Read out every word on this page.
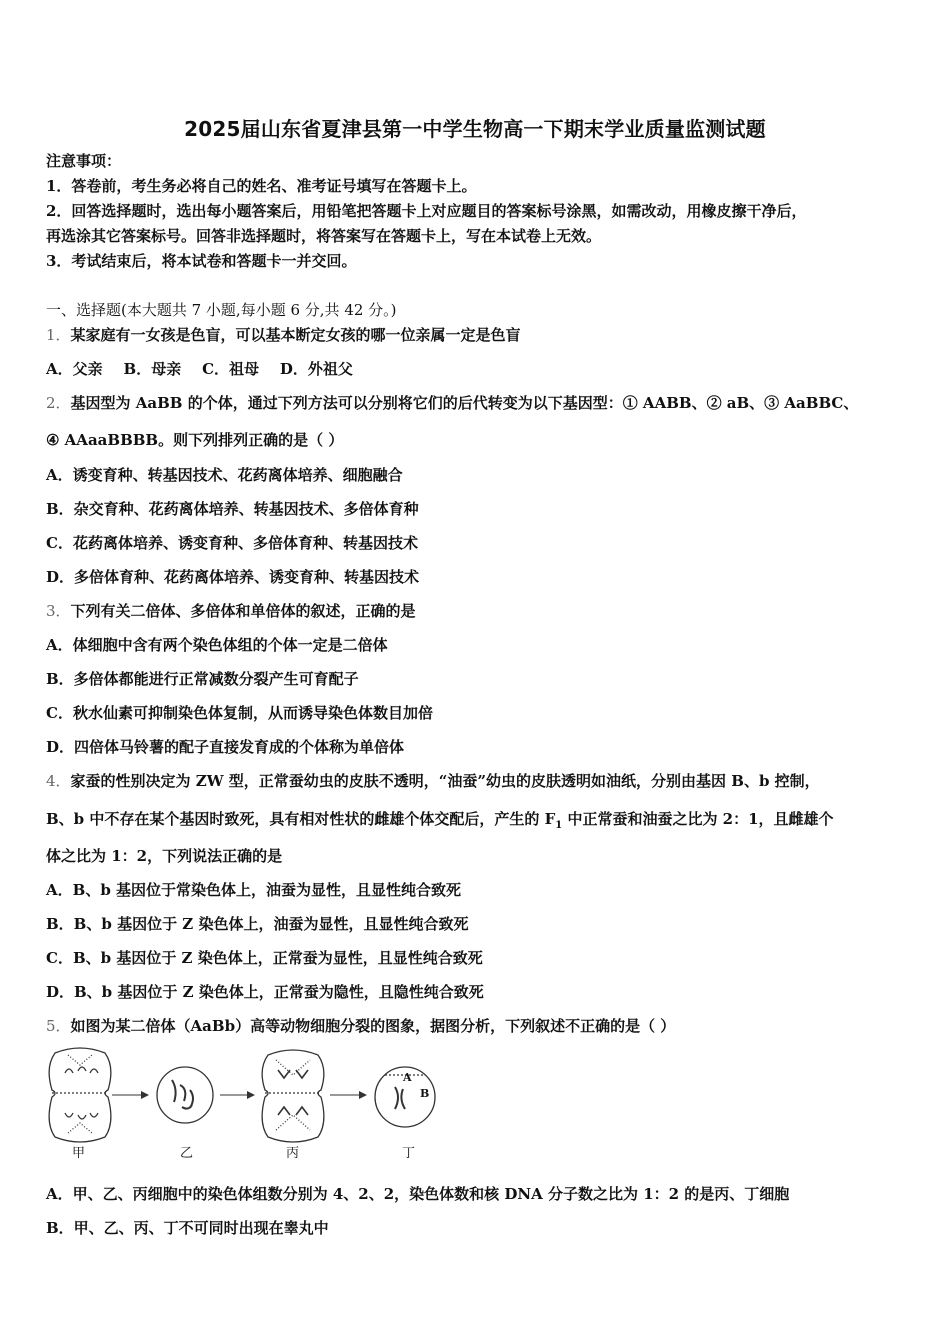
2025届山东省夏津县第一中学生物高一下期末学业质量监测试题
注意事项：
1．答卷前，考生务必将自己的姓名、准考证号填写在答题卡上。
2．回答选择题时，选出每小题答案后，用铅笔把答题卡上对应题目的答案标号涂黑，如需改动，用橡皮擦干净后，
再选涂其它答案标号。回答非选择题时，将答案写在答题卡上，写在本试卷上无效。
3．考试结束后，将本试卷和答题卡一并交回。
一、选择题(本大题共 7 小题,每小题 6 分,共 42 分。)
1．某家庭有一女孩是色盲，可以基本断定女孩的哪一位亲属一定是色盲
A．父亲    B．母亲    C．祖母    D．外祖父
2．基因型为 AaBB 的个体，通过下列方法可以分别将它们的后代转变为以下基因型：① AABB、② aB、③ AaBBC、
④ AAaaBBBB。则下列排列正确的是（ ）
A．诱变育种、转基因技术、花药离体培养、细胞融合
B．杂交育种、花药离体培养、转基因技术、多倍体育种
C．花药离体培养、诱变育种、多倍体育种、转基因技术
D．多倍体育种、花药离体培养、诱变育种、转基因技术
3．下列有关二倍体、多倍体和单倍体的叙述，正确的是
A．体细胞中含有两个染色体组的个体一定是二倍体
B．多倍体都能进行正常减数分裂产生可育配子
C．秋水仙素可抑制染色体复制，从而诱导染色体数目加倍
D．四倍体马铃薯的配子直接发育成的个体称为单倍体
4．家蚕的性别决定为 ZW 型，正常蚕幼虫的皮肤不透明，“油蚕”幼虫的皮肤透明如油纸，分别由基因 B、b 控制，
B、b 中不存在某个基因时致死，具有相对性状的雌雄个体交配后，产生的 $F_1$ 中正常蚕和油蚕之比为 2：1，且雌雄个
体之比为 1：2，下列说法正确的是
A．B、b 基因位于常染色体上，油蚕为显性，且显性纯合致死
B．B、b 基因位于 Z 染色体上，油蚕为显性，且显性纯合致死
C．B、b 基因位于 Z 染色体上，正常蚕为显性，且显性纯合致死
D．B、b 基因位于 Z 染色体上，正常蚕为隐性，且隐性纯合致死
5．如图为某二倍体（AaBb）高等动物细胞分裂的图象，据图分析，下列叙述不正确的是（ ）
A
B
甲	乙	丙	丁
A．甲、乙、丙细胞中的染色体组数分别为 4、2、2，染色体数和核 DNA 分子数之比为 1：2 的是丙、丁细胞
B．甲、乙、丙、丁不可同时出现在睾丸中
